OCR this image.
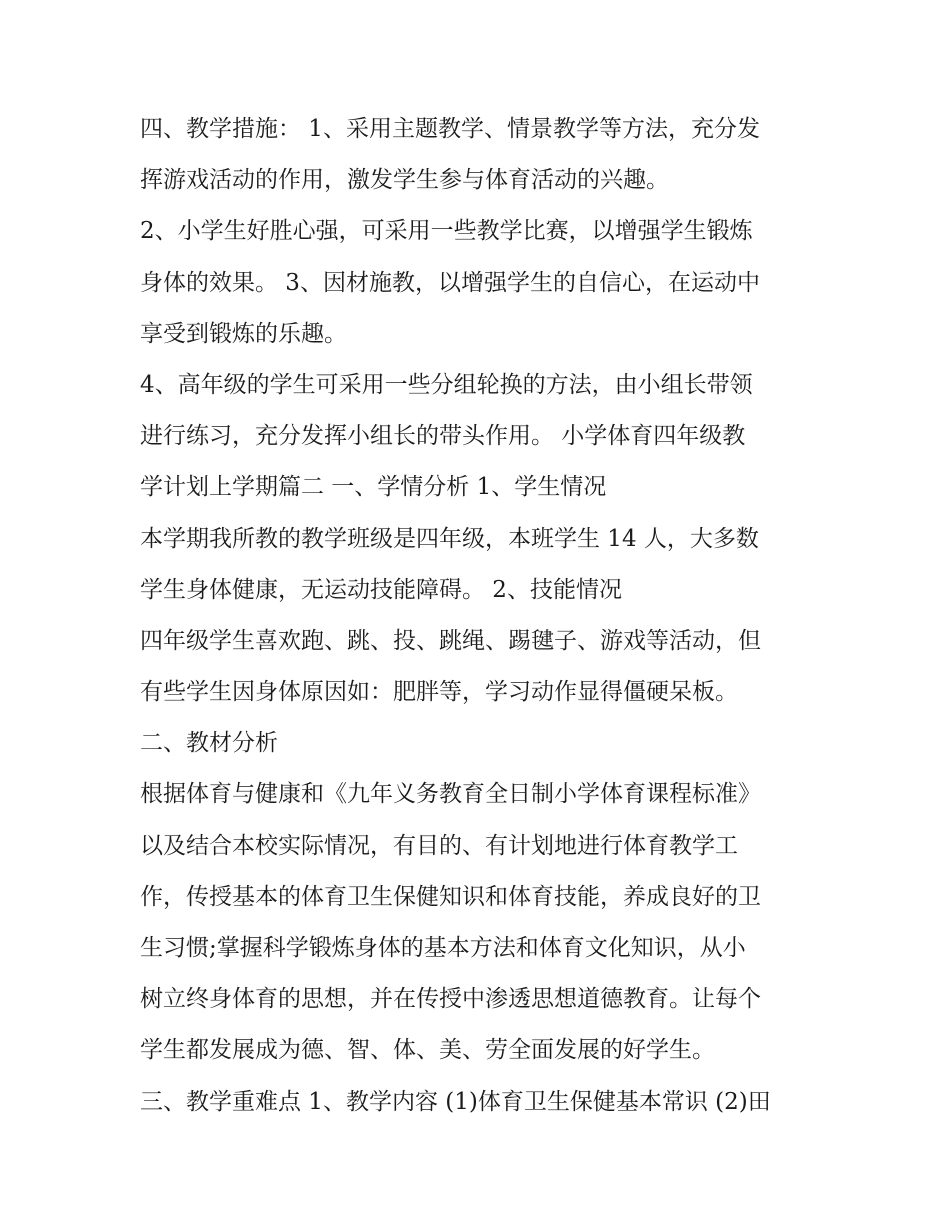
四、教学措施： 1、采用主题教学、情景教学等方法，充分发
挥游戏活动的作用，激发学生参与体育活动的兴趣。
2、小学生好胜心强，可采用一些教学比赛，以增强学生锻炼
身体的效果。 3、因材施教，以增强学生的自信心，在运动中
享受到锻炼的乐趣。
4、高年级的学生可采用一些分组轮换的方法，由小组长带领
进行练习，充分发挥小组长的带头作用。 小学体育四年级教
学计划上学期篇二 一、学情分析 1、学生情况
本学期我所教的教学班级是四年级，本班学生 14 人，大多数
学生身体健康，无运动技能障碍。 2、技能情况
四年级学生喜欢跑、跳、投、跳绳、踢毽子、游戏等活动，但
有些学生因身体原因如：肥胖等，学习动作显得僵硬呆板。
二、教材分析
根据体育与健康和《九年义务教育全日制小学体育课程标准》
以及结合本校实际情况，有目的、有计划地进行体育教学工
作，传授基本的体育卫生保健知识和体育技能，养成良好的卫
生习惯;掌握科学锻炼身体的基本方法和体育文化知识，从小
树立终身体育的思想，并在传授中渗透思想道德教育。让每个
学生都发展成为德、智、体、美、劳全面发展的好学生。
三、教学重难点 1、教学内容 (1)体育卫生保健基本常识 (2)田
